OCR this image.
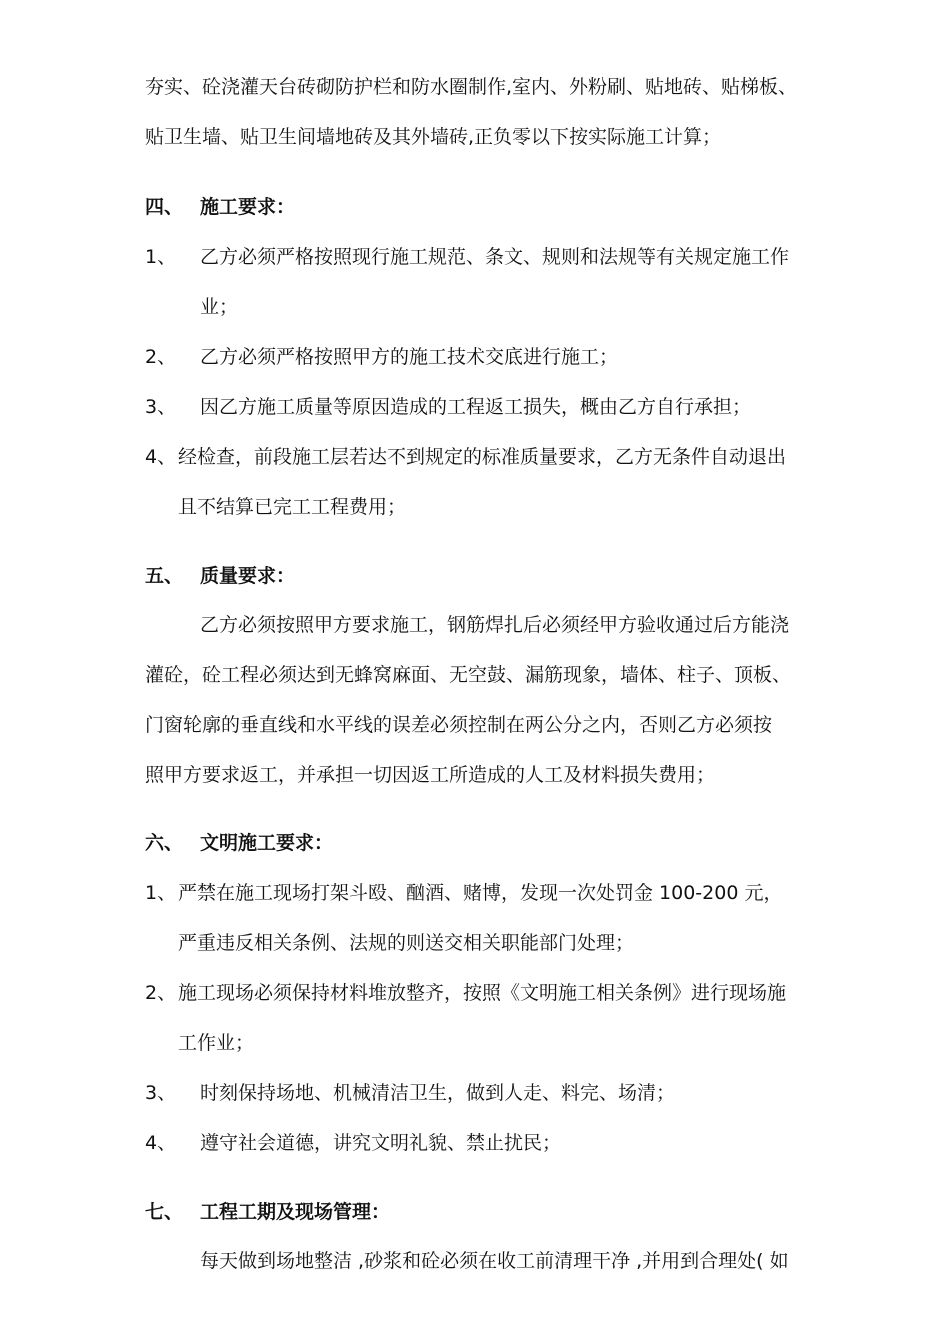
夯实、砼浇灌天台砖砌防护栏和防水圈制作,室内、外粉刷、贴地砖、贴梯板、
贴卫生墙、贴卫生间墙地砖及其外墙砖,正负零以下按实际施工计算；
四、 施工要求：
1、 乙方必须严格按照现行施工规范、条文、规则和法规等有关规定施工作
业；
2、 乙方必须严格按照甲方的施工技术交底进行施工；
3、 因乙方施工质量等原因造成的工程返工损失，概由乙方自行承担；
4、 经检查，前段施工层若达不到规定的标准质量要求，乙方无条件自动退出
且不结算已完工工程费用；
五、 质量要求：
乙方必须按照甲方要求施工，钢筋焊扎后必须经甲方验收通过后方能浇
灌砼，砼工程必须达到无蜂窝麻面、无空鼓、漏筋现象，墙体、柱子、顶板、
门窗轮廓的垂直线和水平线的误差必须控制在两公分之内，否则乙方必须按
照甲方要求返工，并承担一切因返工所造成的人工及材料损失费用；
六、 文明施工要求：
1、 严禁在施工现场打架斗殴、酗酒、赌博，发现一次处罚金 100-200 元，
严重违反相关条例、法规的则送交相关职能部门处理；
2、 施工现场必须保持材料堆放整齐，按照《文明施工相关条例》进行现场施
工作业；
3、 时刻保持场地、机械清洁卫生，做到人走、料完、场清；
4、 遵守社会道德，讲究文明礼貌、禁止扰民；
七、 工程工期及现场管理：
每天做到场地整洁 ,砂浆和砼必须在收工前清理干净 ,并用到合理处( 如
